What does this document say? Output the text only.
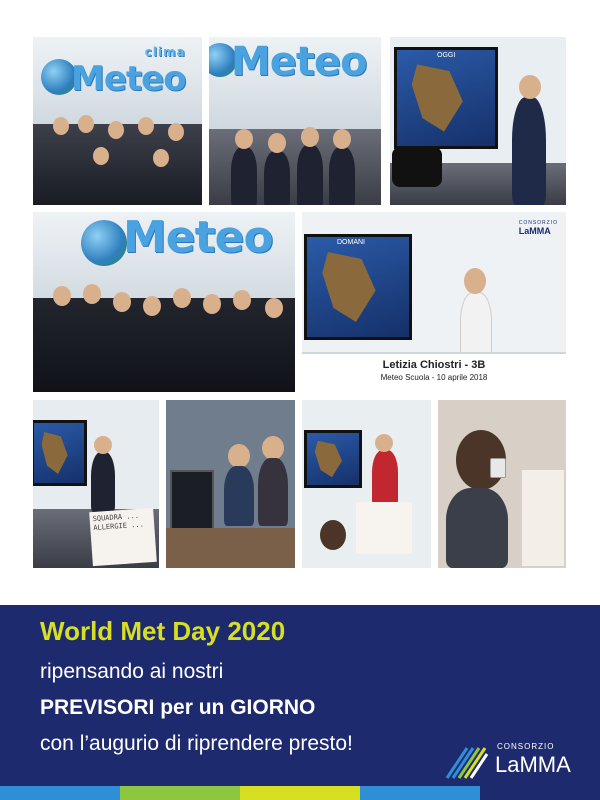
clima
Meteo Meteo	OGGI
Meteo	DOMANI
CONSORZIO
LaMMA
Letizia Chiostri - 3B
Meteo Scuola - 10 aprile 2018
SQUADRA ... ALLERGIE ...
World Met Day 2020
ripensando ai nostri
PREVISORI per un GIORNO
con l’augurio di riprendere presto!	CONSORZIO
LaMMA
